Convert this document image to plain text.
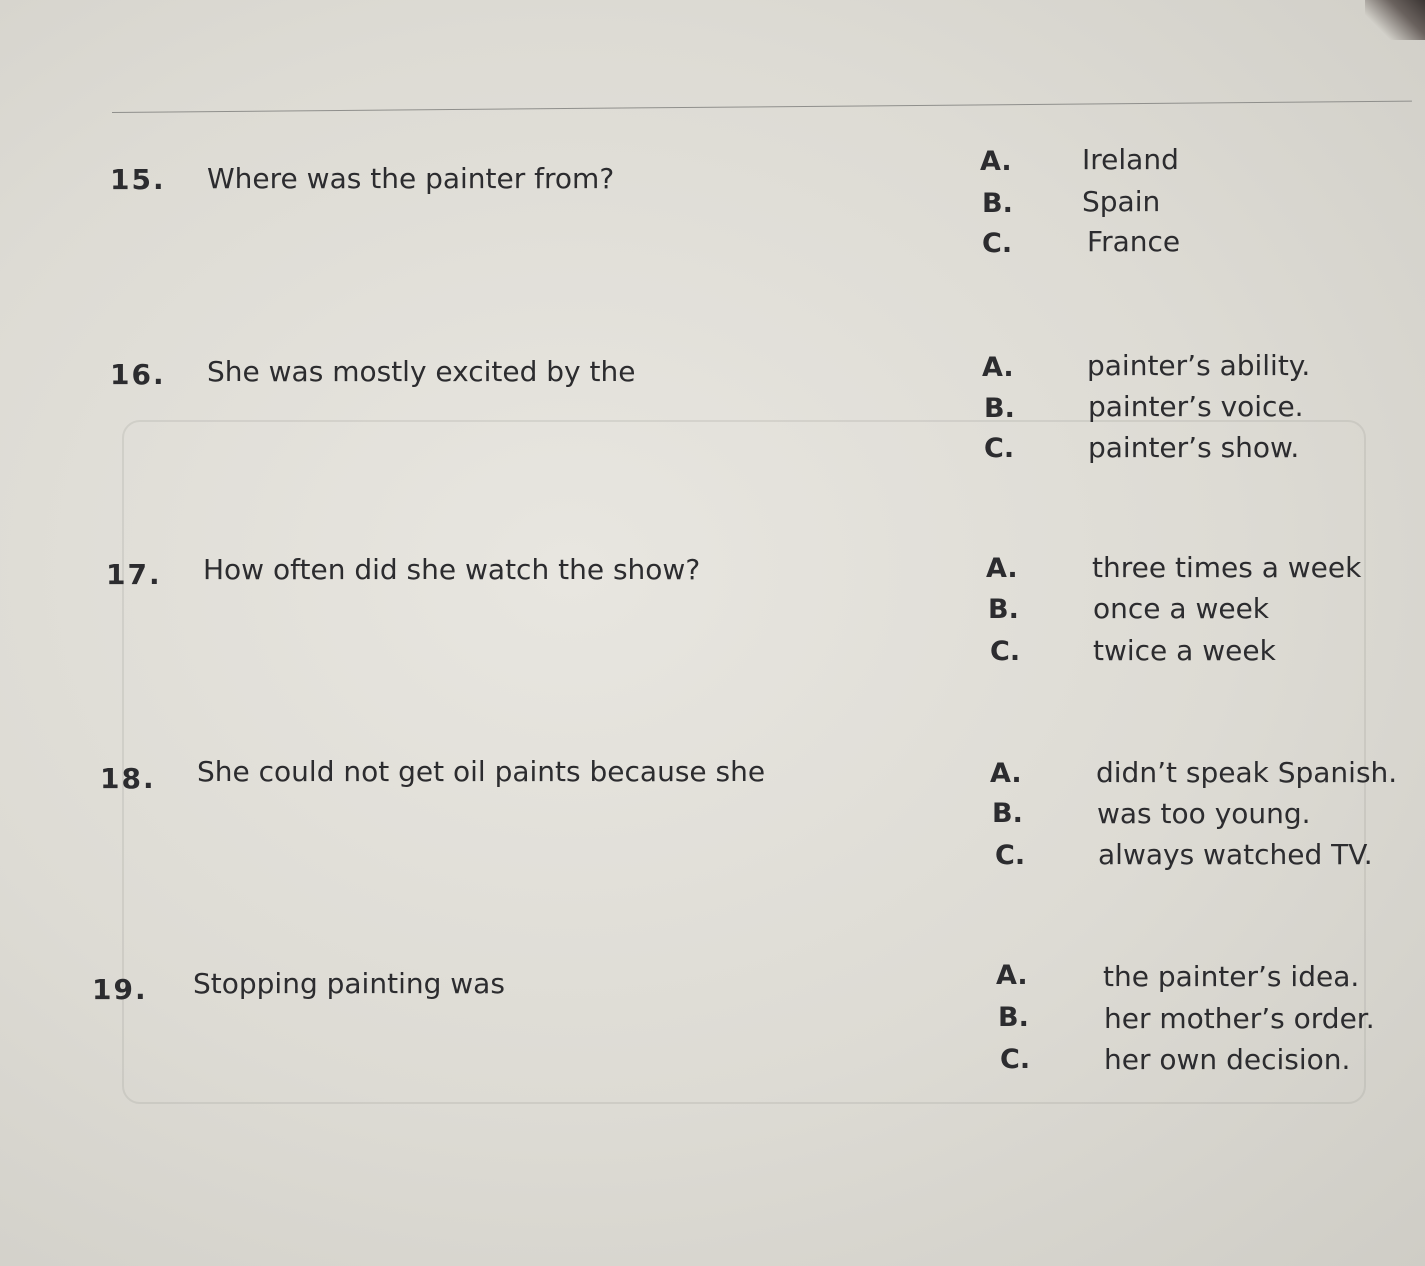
15. Where was the painter from?
A.	Ireland
B. Spain
C.	France
16. She was mostly excited by the	A.	painter’s ability.
B.	painter’s voice.
C.	painter’s show.
17. How often did she watch the show?	A.	three times a week
B.	once a week
C.	twice a week
18. She could not get oil paints because she	A.	didn’t speak Spanish.
B.	was too young.
C.	always watched TV.
19. Stopping painting was	A.	the painter’s idea.
B.	her mother’s order.
C.	her own decision.
